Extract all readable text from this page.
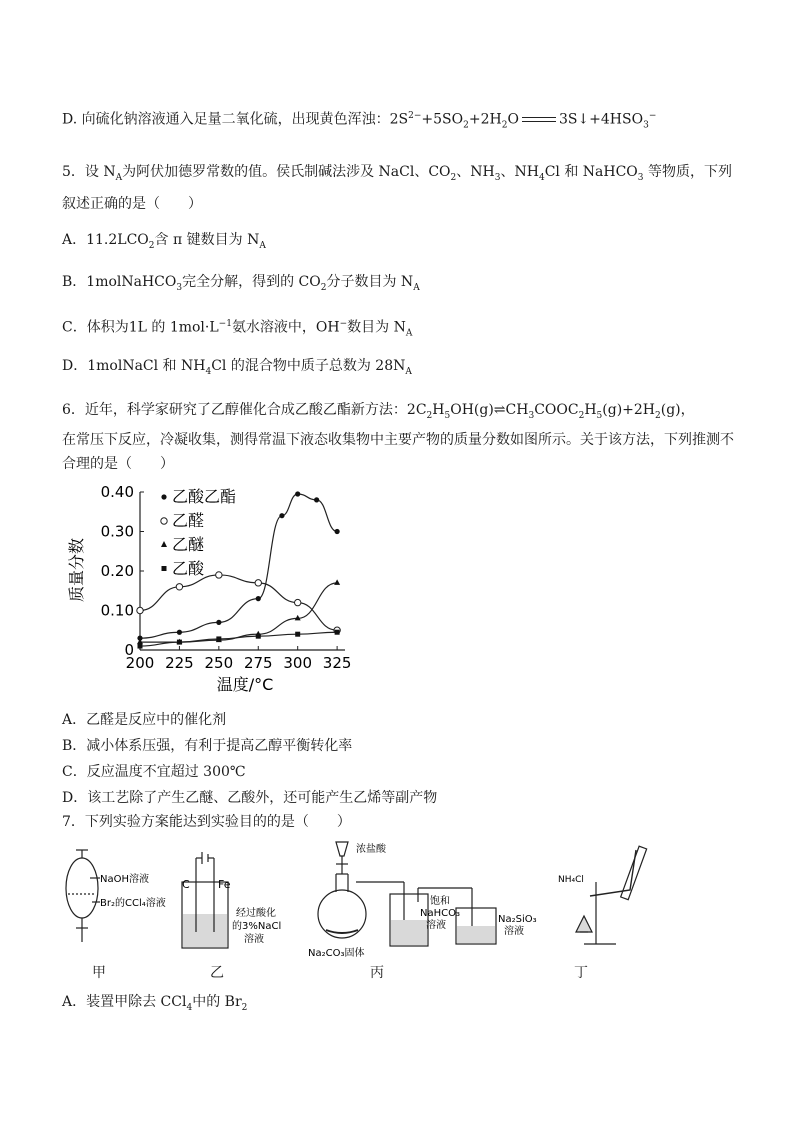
D. 向硫化钠溶液通入足量二氧化硫，出现黄色浑浊：$2S^{2-}+5SO_2+2H_2O$	$3S↓+4HSO_3^-$
5．设 $N_A$为阿伏加德罗常数的值。侯氏制碱法涉及 NaCl、$CO_2$、$NH_3$、$NH_4Cl$ 和 NaHCO$_3$ 等物质，下列
叙述正确的是（　　）
A．$11.2LCO_2$含 π 键数目为 $N_A$
B．1molNaHCO$_3$完全分解，得到的 $CO_2$分子数目为 $N_A$
C．体积为1L 的 $1mol\cdot L^{-1}$氨水溶液中，OH−数目为 $N_A$
D．1molNaCl 和 $NH_4Cl$ 的混合物中质子总数为 $28N_A$
6．近年，科学家研究了乙醇催化合成乙酸乙酯新方法：$2C_2H_5OH(g)\rightleftharpoons CH_3COOC_2H_5(g)+2H_2(g)$，
在常压下反应，冷凝收集，测得常温下液态收集物中主要产物的质量分数如图所示。关于该方法，下列推测不
合理的是（　　）
0
0.10
0.20
0.30
0.40
200 225 250 275 300 325
乙酸乙酯
乙醛
乙醚
乙酸
质量分数
温度/°C
A．乙醛是反应中的催化剂
B．减小体系压强，有利于提高乙醇平衡转化率
C．反应温度不宜超过 300℃
D．该工艺除了产生乙醚、乙酸外，还可能产生乙烯等副产物
7．下列实验方案能达到实验目的的是（　　）
NaOH溶液
Br₂的CCl₄溶液
C	Fe
经过酸化
的3%NaCl
溶液
浓盐酸
Na₂CO₃固体
饱和
NaHCO₃
溶液
Na₂SiO₃
溶液
NH₄Cl
甲	乙	丙	丁
A．装置甲除去 CCl$_4$中的 $Br_2$
